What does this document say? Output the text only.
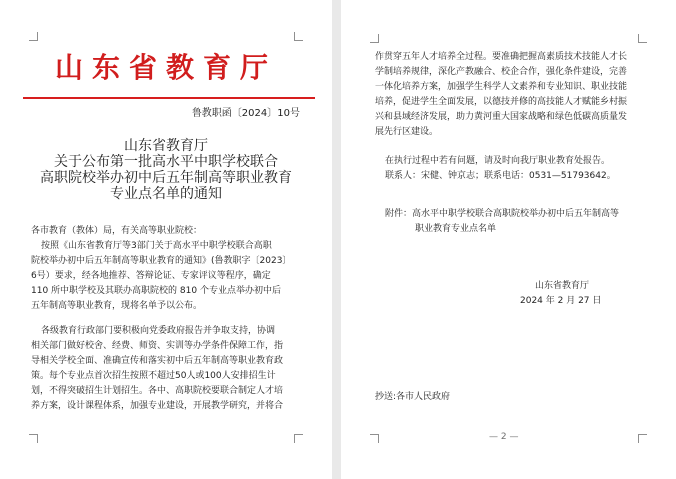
山东省教育厅
鲁教职函〔2024〕10号
山东省教育厅
关于公布第一批高水平中职学校联合
高职院校举办初中后五年制高等职业教育
专业点名单的通知
各市教育（教体）局，有关高等职业院校：
按照《山东省教育厅等3部门关于高水平中职学校联合高职
院校举办初中后五年制高等职业教育的通知》(鲁教职字〔2023〕
6号）要求，经各地推荐、答辩论证、专家评议等程序，确定
110 所中职学校及其联办高职院校的 810 个专业点举办初中后
五年制高等职业教育，现将名单予以公布。
各级教育行政部门要积极向党委政府报告并争取支持，协调
相关部门做好校舍、经费、师资、实训等办学条件保障工作，指
导相关学校全面、准确宣传和落实初中后五年制高等职业教育政
策。每个专业点首次招生按照不超过50人或100人安排招生计
划，不得突破招生计划招生。各中、高职院校要联合制定人才培
养方案，设计课程体系，加强专业建设，开展教学研究，并将合
作贯穿五年人才培养全过程。要准确把握高素质技术技能人才长
学制培养规律，深化产教融合、校企合作，强化条件建设，完善
一体化培养方案，加强学生科学人文素养和专业知识、职业技能
培养，促进学生全面发展，以德技并修的高技能人才赋能乡村振
兴和县域经济发展，助力黄河重大国家战略和绿色低碳高质量发
展先行区建设。
在执行过程中若有问题，请及时向我厅职业教育处报告。
联系人：宋健、钟京志；联系电话：0531—51793642。
附件：高水平中职学校联合高职院校举办初中后五年制高等
职业教育专业点名单
山东省教育厅
2024 年 2 月 27 日
抄送:各市人民政府
— 2 —
